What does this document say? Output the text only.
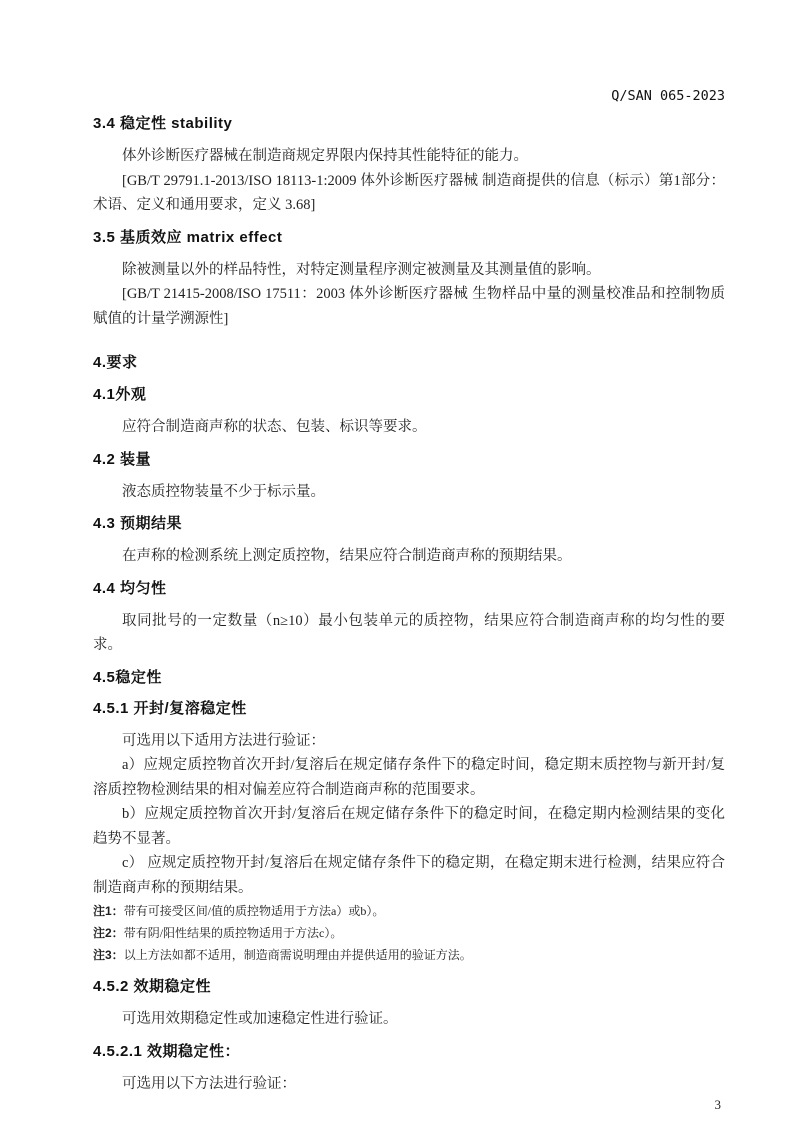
Q/SAN 065-2023
3.4 稳定性 stability

体外诊断医疗器械在制造商规定界限内保持其性能特征的能力。

[GB/T 29791.1-2013/ISO 18113-1:2009 体外诊断医疗器械 制造商提供的信息（标示）第1部分：术语、定义和通用要求，定义 3.68]

3.5 基质效应 matrix effect

除被测量以外的样品特性，对特定测量程序测定被测量及其测量值的影响。

[GB/T 21415-2008/ISO 17511：2003 体外诊断医疗器械 生物样品中量的测量校准品和控制物质赋值的计量学溯源性]

4.要求
4.1外观

应符合制造商声称的状态、包装、标识等要求。

4.2 装量

液态质控物装量不少于标示量。

4.3 预期结果

在声称的检测系统上测定质控物，结果应符合制造商声称的预期结果。

4.4 均匀性

取同批号的一定数量（n≥10）最小包装单元的质控物，结果应符合制造商声称的均匀性的要求。

4.5稳定性
4.5.1 开封/复溶稳定性

可选用以下适用方法进行验证：

a）应规定质控物首次开封/复溶后在规定储存条件下的稳定时间，稳定期末质控物与新开封/复溶质控物检测结果的相对偏差应符合制造商声称的范围要求。

b）应规定质控物首次开封/复溶后在规定储存条件下的稳定时间，在稳定期内检测结果的变化趋势不显著。

c） 应规定质控物开封/复溶后在规定储存条件下的稳定期，在稳定期末进行检测，结果应符合制造商声称的预期结果。

注1：带有可接受区间/值的质控物适用于方法a）或b）。

注2：带有阴/阳性结果的质控物适用于方法c）。

注3：以上方法如都不适用，制造商需说明理由并提供适用的验证方法。

4.5.2 效期稳定性

可选用效期稳定性或加速稳定性进行验证。

4.5.2.1 效期稳定性：

可选用以下方法进行验证：

3
